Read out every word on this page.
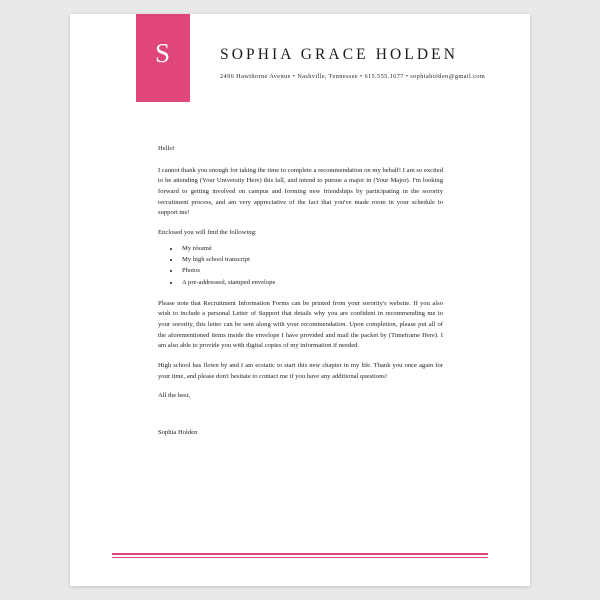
S	SOPHIA GRACE HOLDEN
2496 Hawthorne Avenue • Nashville, Tennessee • 615.555.1677 • sophiaholden@gmail.com

Hello!

I cannot thank you enough for taking the time to complete a recommendation on my behalf! I am so excited to be attending (Your University Here) this fall, and intend to pursue a major in (Your Major). I'm looking forward to getting involved on campus and forming new friendships by participating in the sorority recruitment process, and am very appreciative of the fact that you've made room in your schedule to support me!

Enclosed you will find the following:

• My résumé
• My high school transcript
• Photos
• A pre-addressed, stamped envelope

Please note that Recruitment Information Forms can be printed from your sorority's website. If you also wish to include a personal Letter of Support that details why you are confident in recommending me to your sorority, this letter can be sent along with your recommendation. Upon completion, please put all of the aforementioned items inside the envelope I have provided and mail the packet by (Timeframe Here). I am also able to provide you with digital copies of my information if needed.

High school has flown by and I am ecstatic to start this new chapter in my life. Thank you once again for your time, and please don't hesitate to contact me if you have any additional questions!

All the best,

Sophia Holden
